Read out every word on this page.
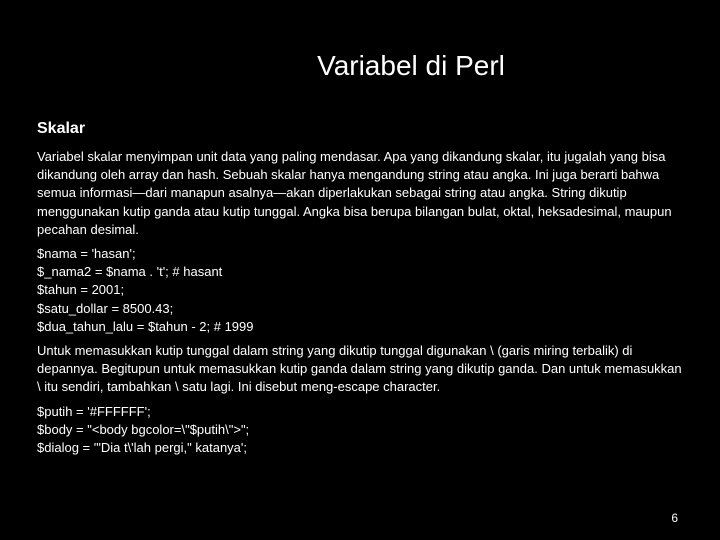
Variabel di Perl
Skalar

Variabel skalar menyimpan unit data yang paling mendasar. Apa yang dikandung skalar, itu jugalah yang bisa dikandung oleh array dan hash. Sebuah skalar hanya mengandung string atau angka. Ini juga berarti bahwa semua informasi—dari manapun asalnya—akan diperlakukan sebagai string atau angka. String dikutip menggunakan kutip ganda atau kutip tunggal. Angka bisa berupa bilangan bulat, oktal, heksadesimal, maupun pecahan desimal.

$nama = 'hasan';
$_nama2 = $nama . 't'; # hasant
$tahun = 2001;
$satu_dollar = 8500.43;
$dua_tahun_lalu = $tahun - 2; # 1999

Untuk memasukkan kutip tunggal dalam string yang dikutip tunggal digunakan \ (garis miring terbalik) di depannya. Begitupun untuk memasukkan kutip ganda dalam string yang dikutip ganda. Dan untuk memasukkan \ itu sendiri, tambahkan \ satu lagi. Ini disebut meng-escape character.

$putih = '#FFFFFF';
$body = "<body bgcolor=\"$putih\">";
$dialog = '"Dia t\'lah pergi," katanya';
6
